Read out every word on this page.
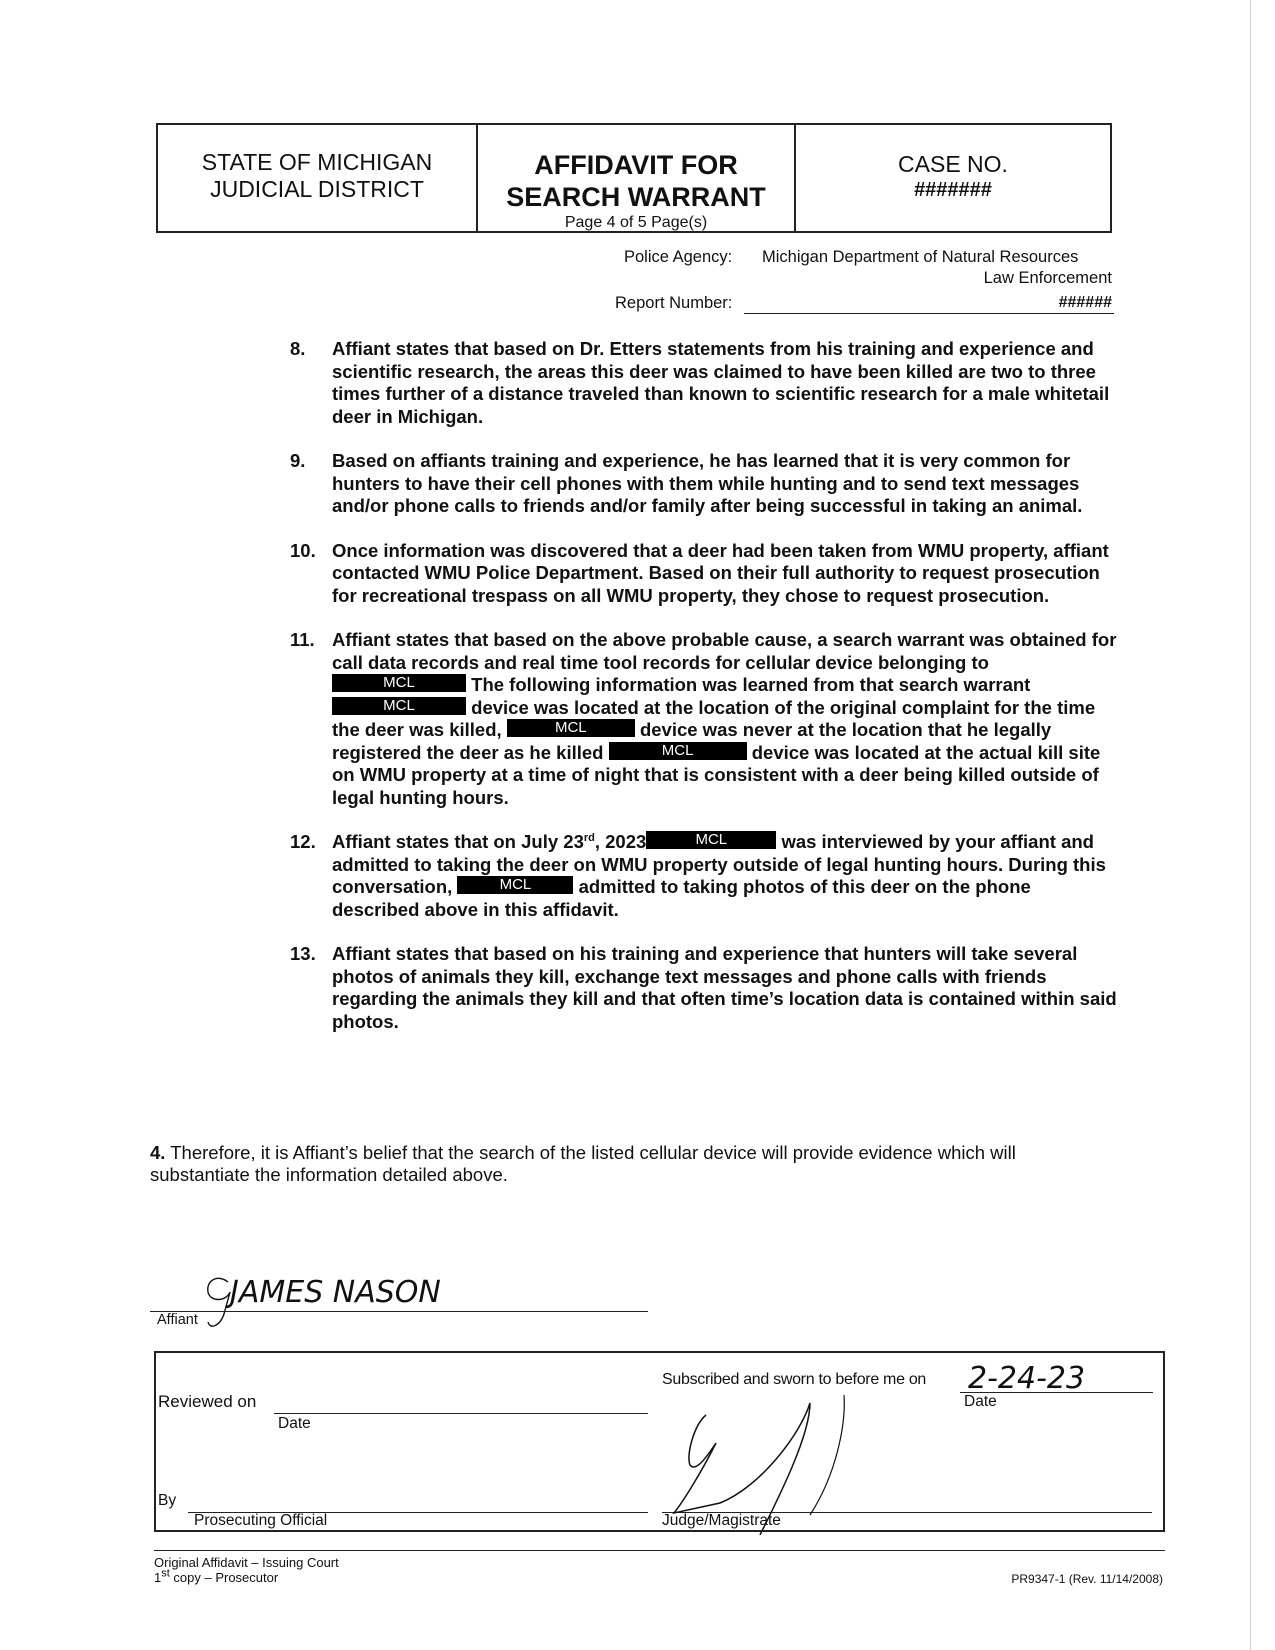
STATE OF MICHIGAN
JUDICIAL DISTRICT
AFFIDAVIT FOR
SEARCH WARRANT
Page 4 of 5 Page(s)
CASE NO.
#######
Police Agency: Michigan Department of Natural Resources
Law Enforcement
Report Number:	######
8.	Affiant states that based on Dr. Etters statements from his training and experience and scientific research, the areas this deer was claimed to have been killed are two to three times further of a distance traveled than known to scientific research for a male whitetail deer in Michigan.
9.	Based on affiants training and experience, he has learned that it is very common for hunters to have their cell phones with them while hunting and to send text messages and/or phone calls to friends and/or family after being successful in taking an animal.
10. Once information was discovered that a deer had been taken from WMU property, affiant contacted WMU Police Department. Based on their full authority to request prosecution for recreational trespass on all WMU property, they chose to request prosecution.
11. Affiant states that based on the above probable cause, a search warrant was obtained for call data records and real time tool records for cellular device belonging to MCL	The following information was learned from that search warrant MCL	device was located at the location of the original complaint for the time the deer was killed,	MCL	device was never at the location that he legally registered the deer as he killed	MCL	device was located at the actual kill site on WMU property at a time of night that is consistent with a deer being killed outside of legal hunting hours.
12. Affiant states that on July 23rd, 2023	MCL	was interviewed by your affiant and admitted to taking the deer on WMU property outside of legal hunting hours. During this conversation,	MCL	admitted to taking photos of this deer on the phone described above in this affidavit.
13. Affiant states that based on his training and experience that hunters will take several photos of animals they kill, exchange text messages and phone calls with friends regarding the animals they kill and that often time’s location data is contained within said photos.
4. Therefore, it is Affiant’s belief that the search of the listed cellular device will provide evidence which will substantiate the information detailed above.
JAMES NASON
Affiant
Reviewed on
Date
Subscribed and sworn to before me on
Date
2-24-23
By
Prosecuting Official	Judge/Magistrate
Original Affidavit – Issuing Court
1st copy – Prosecutor	PR9347-1 (Rev. 11/14/2008)
